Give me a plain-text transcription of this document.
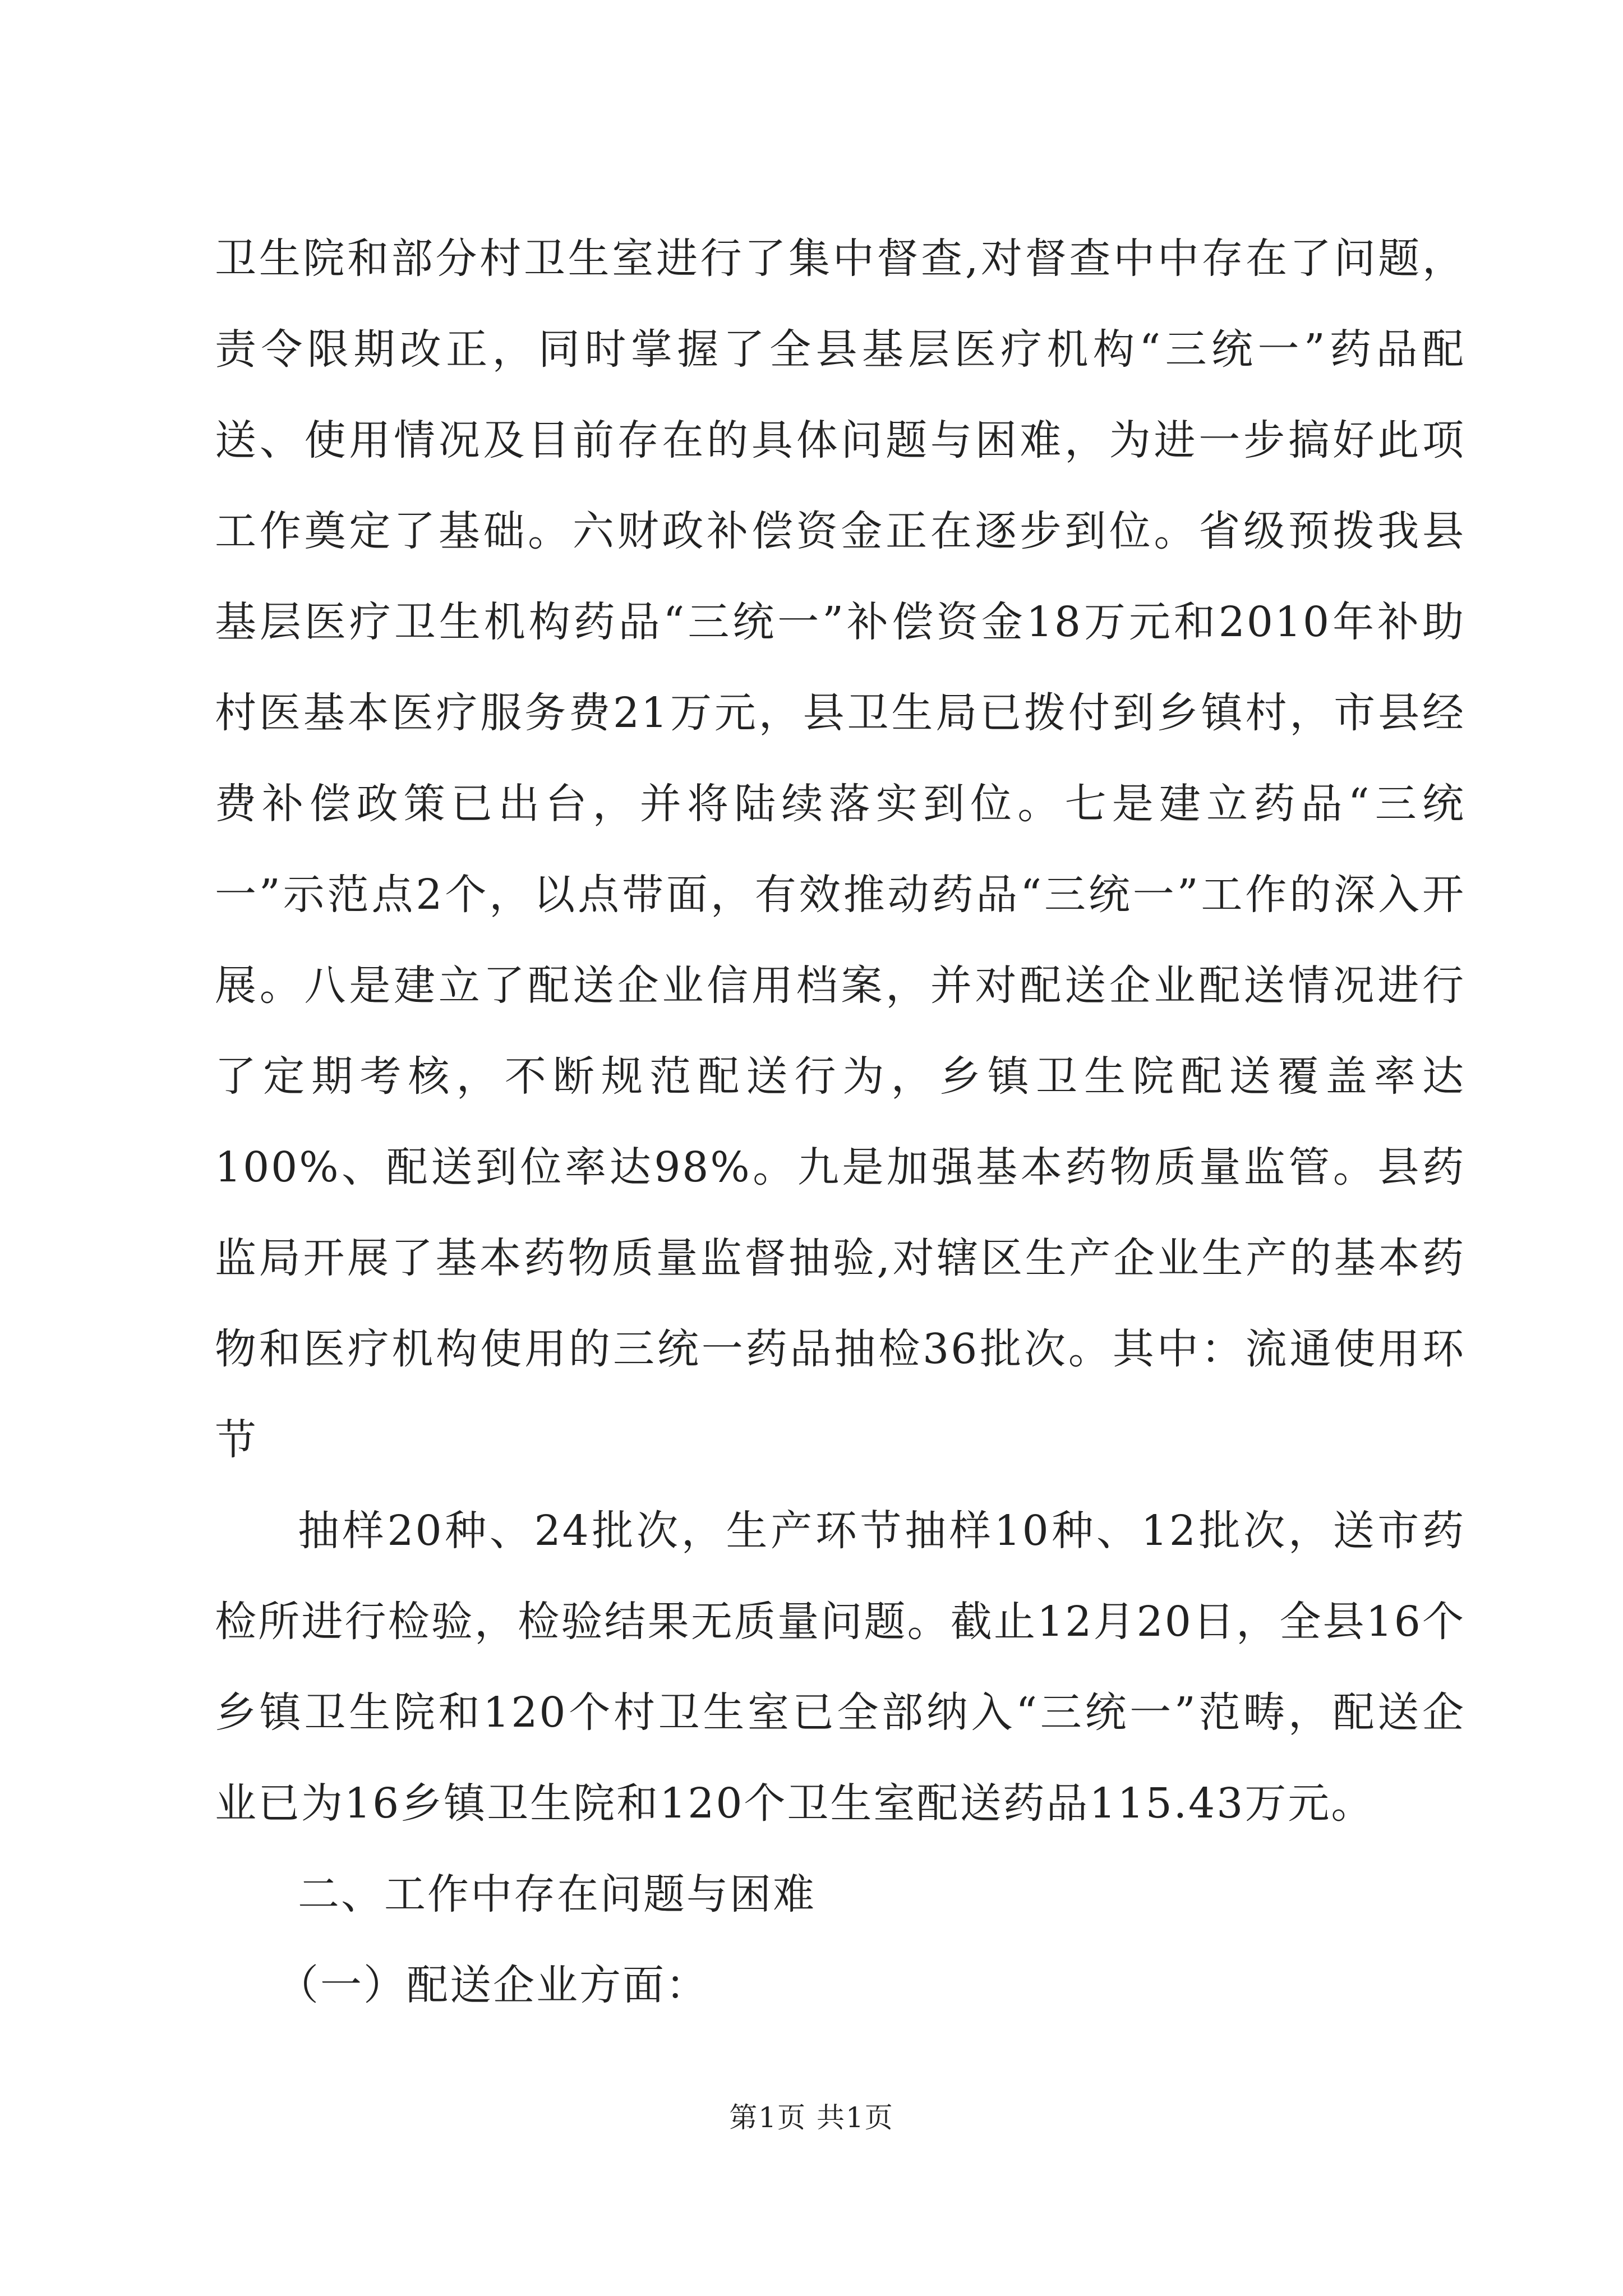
卫生院和部分村卫生室进行了集中督查,对督查中中存在了问题，责令限期改正，同时掌握了全县基层医疗机构“三统一”药品配送、使用情况及目前存在的具体问题与困难，为进一步搞好此项工作奠定了基础。六财政补偿资金正在逐步到位。省级预拨我县基层医疗卫生机构药品“三统一”补偿资金18万元和2010年补助村医基本医疗服务费21万元，县卫生局已拨付到乡镇村，市县经费补偿政策已出台，并将陆续落实到位。七是建立药品“三统一”示范点2个，以点带面，有效推动药品“三统一”工作的深入开展。八是建立了配送企业信用档案，并对配送企业配送情况进行了定期考核，不断规范配送行为，乡镇卫生院配送覆盖率达100%、配送到位率达98%。九是加强基本药物质量监管。县药监局开展了基本药物质量监督抽验,对辖区生产企业生产的基本药物和医疗机构使用的三统一药品抽检36批次。其中：流通使用环节

抽样20种、24批次，生产环节抽样10种、12批次，送市药检所进行检验，检验结果无质量问题。截止12月20日，全县16个乡镇卫生院和120个村卫生室已全部纳入“三统一”范畴，配送企业已为16乡镇卫生院和120个卫生室配送药品115.43万元。

二、工作中存在问题与困难

（一）配送企业方面：

第1页 共1页
